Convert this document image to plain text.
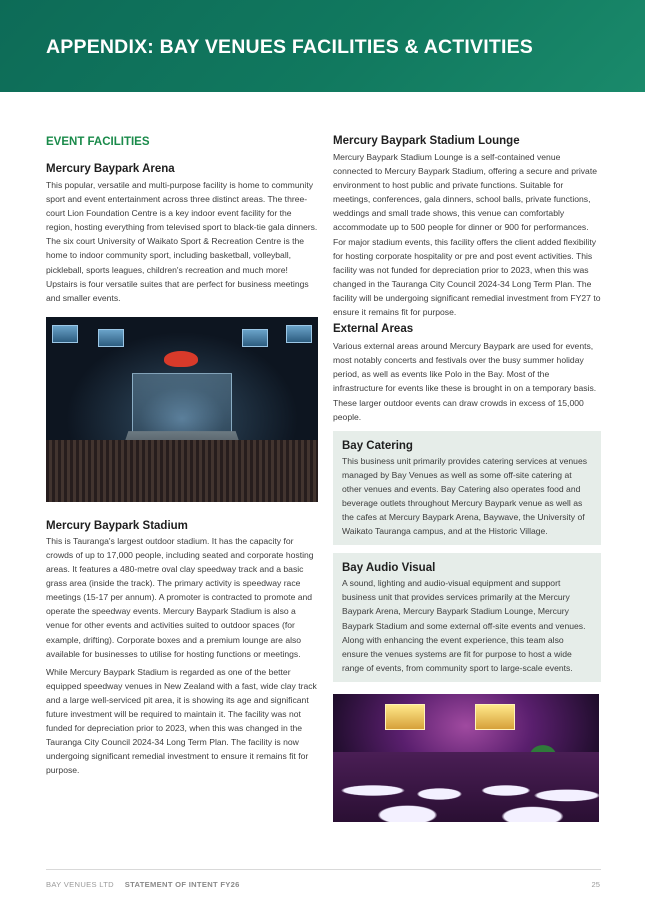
APPENDIX: BAY VENUES FACILITIES & ACTIVITIES
EVENT FACILITIES
Mercury Baypark Arena

This popular, versatile and multi-purpose facility is home to community sport and event entertainment across three distinct areas. The three-court Lion Foundation Centre is a key indoor event facility for the region, hosting everything from televised sport to black-tie gala dinners. The six court University of Waikato Sport & Recreation Centre is the home to indoor community sport, including basketball, volleyball, pickleball, sports leagues, children's recreation and much more! Upstairs is four versatile suites that are perfect for business meetings and smaller events.

Mercury Baypark Stadium

This is Tauranga's largest outdoor stadium. It has the capacity for crowds of up to 17,000 people, including seated and corporate hosting areas. It features a 480-metre oval clay speedway track and a basic grass area (inside the track). The primary activity is speedway race meetings (15-17 per annum). A promoter is contracted to promote and operate the speedway events. Mercury Baypark Stadium is also a venue for other events and activities suited to outdoor spaces (for example, drifting). Corporate boxes and a premium lounge are also available for businesses to utilise for hosting functions or meetings.

While Mercury Baypark Stadium is regarded as one of the better equipped speedway venues in New Zealand with a fast, wide clay track and a large well-serviced pit area, it is showing its age and significant future investment will be required to maintain it. The facility was not funded for depreciation prior to 2023, when this was changed in the Tauranga City Council 2024-34 Long Term Plan. The facility is now undergoing significant remedial investment to ensure it remains fit for purpose.

Mercury Baypark Stadium Lounge

Mercury Baypark Stadium Lounge is a self-contained venue connected to Mercury Baypark Stadium, offering a secure and private environment to host public and private functions. Suitable for meetings, conferences, gala dinners, school balls, private functions, weddings and small trade shows, this venue can comfortably accommodate up to 500 people for dinner or 900 for performances. For major stadium events, this facility offers the client added flexibility for hosting corporate hospitality or pre and post event activities. This facility was not funded for depreciation prior to 2023, when this was changed in the Tauranga City Council 2024-34 Long Term Plan. The facility will be undergoing significant remedial investment from FY27 to ensure it remains fit for purpose.

External Areas

Various external areas around Mercury Baypark are used for events, most notably concerts and festivals over the busy summer holiday period, as well as events like Polo in the Bay. Most of the infrastructure for events like these is brought in on a temporary basis. These larger outdoor events can draw crowds in excess of 15,000 people.

Bay Catering

This business unit primarily provides catering services at venues managed by Bay Venues as well as some off-site catering at other venues and events. Bay Catering also operates food and beverage outlets throughout Mercury Baypark venue as well as the cafes at Mercury Baypark Arena, Baywave, the University of Waikato Tauranga campus, and at the Historic Village.

Bay Audio Visual

A sound, lighting and audio-visual equipment and support business unit that provides services primarily at the Mercury Baypark Arena, Mercury Baypark Stadium Lounge, Mercury Baypark Stadium and some external off-site events and venues. Along with enhancing the event experience, this team also ensure the venues systems are fit for purpose to host a wide range of events, from community sport to large-scale events.

BAY VENUES LTD STATEMENT OF INTENT FY26	25
